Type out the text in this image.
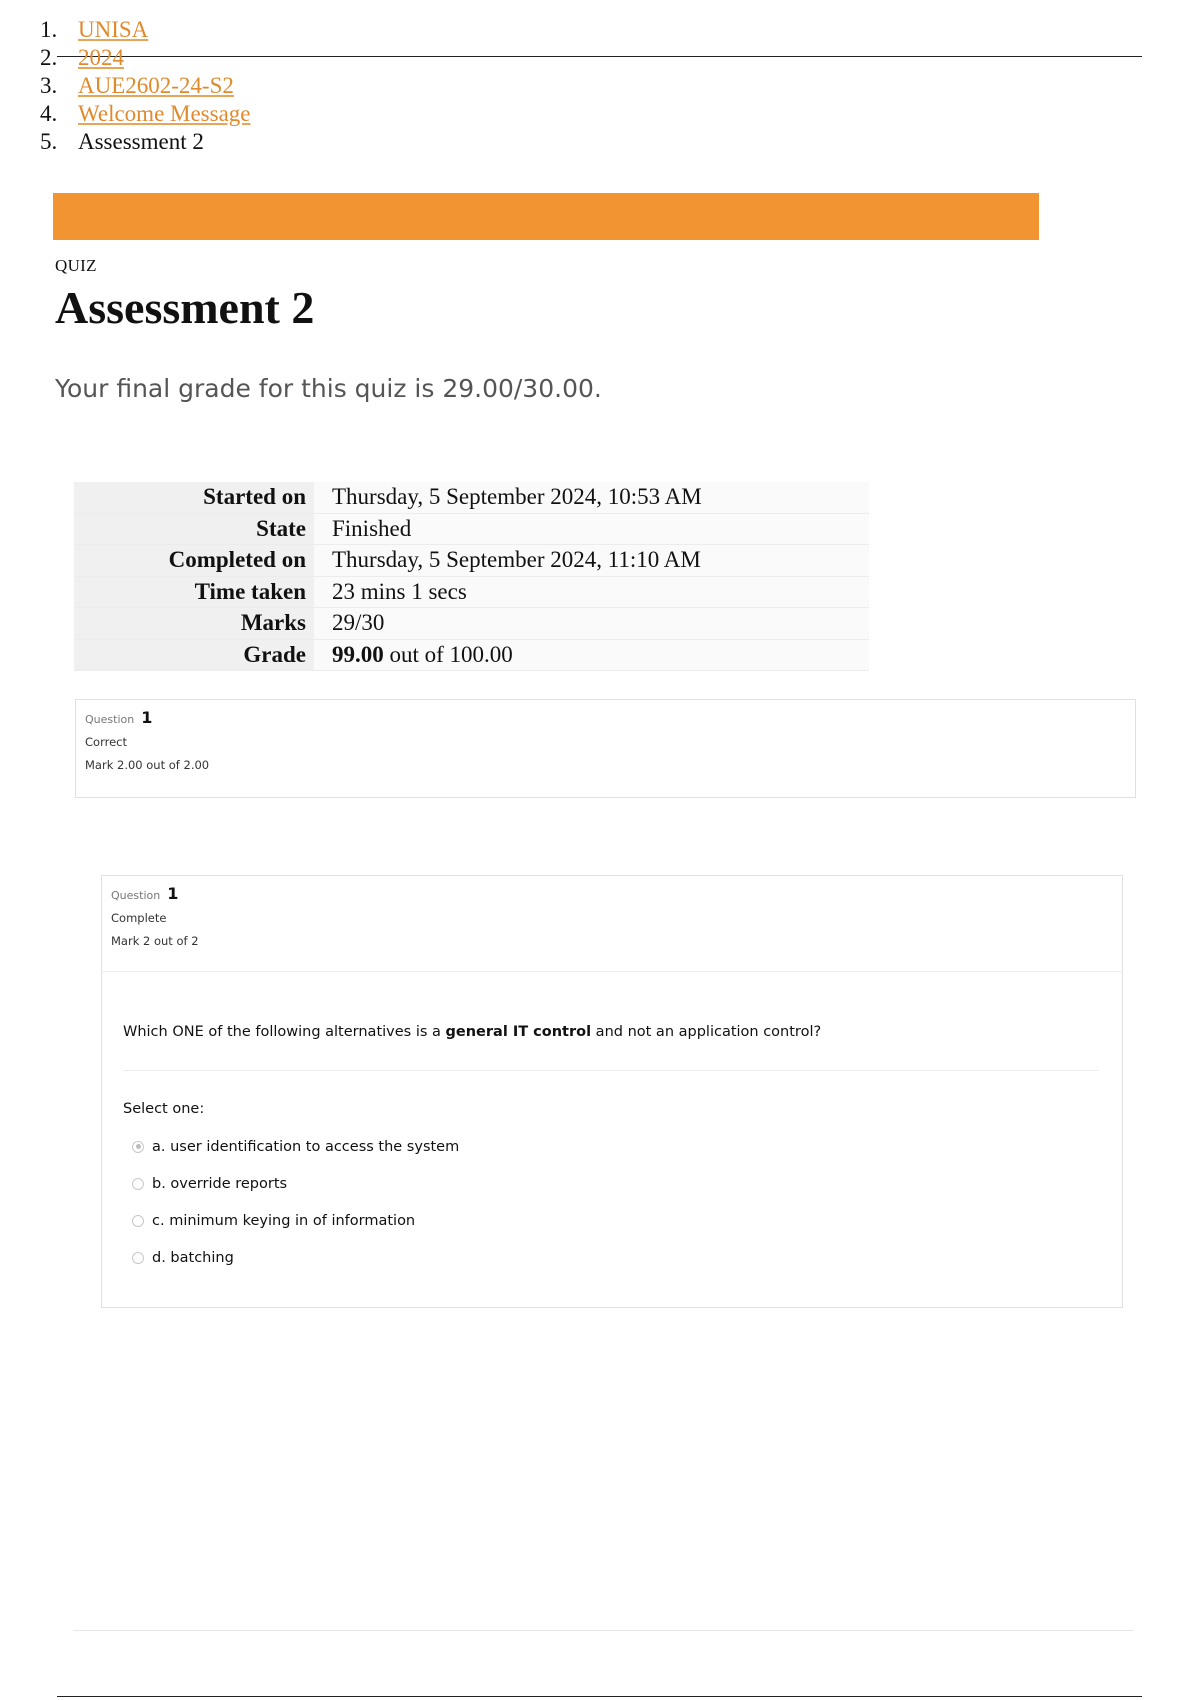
1. UNISA
2. 2024
3. AUE2602-24-S2
4. Welcome Message
5. Assessment 2
QUIZ
Assessment 2
Your final grade for this quiz is 29.00/30.00.
Started on	Thursday, 5 September 2024, 10:53 AM
State	Finished
Completed on	Thursday, 5 September 2024, 11:10 AM
Time taken	23 mins 1 secs
Marks	29/30
Grade	99.00 out of 100.00
Question 1
Correct
Mark 2.00 out of 2.00
Question 1
Complete
Mark 2 out of 2
Which ONE of the following alternatives is a general IT control and not an application control?
Select one:
a. user identification to access the system
b. override reports
c. minimum keying in of information
d. batching
